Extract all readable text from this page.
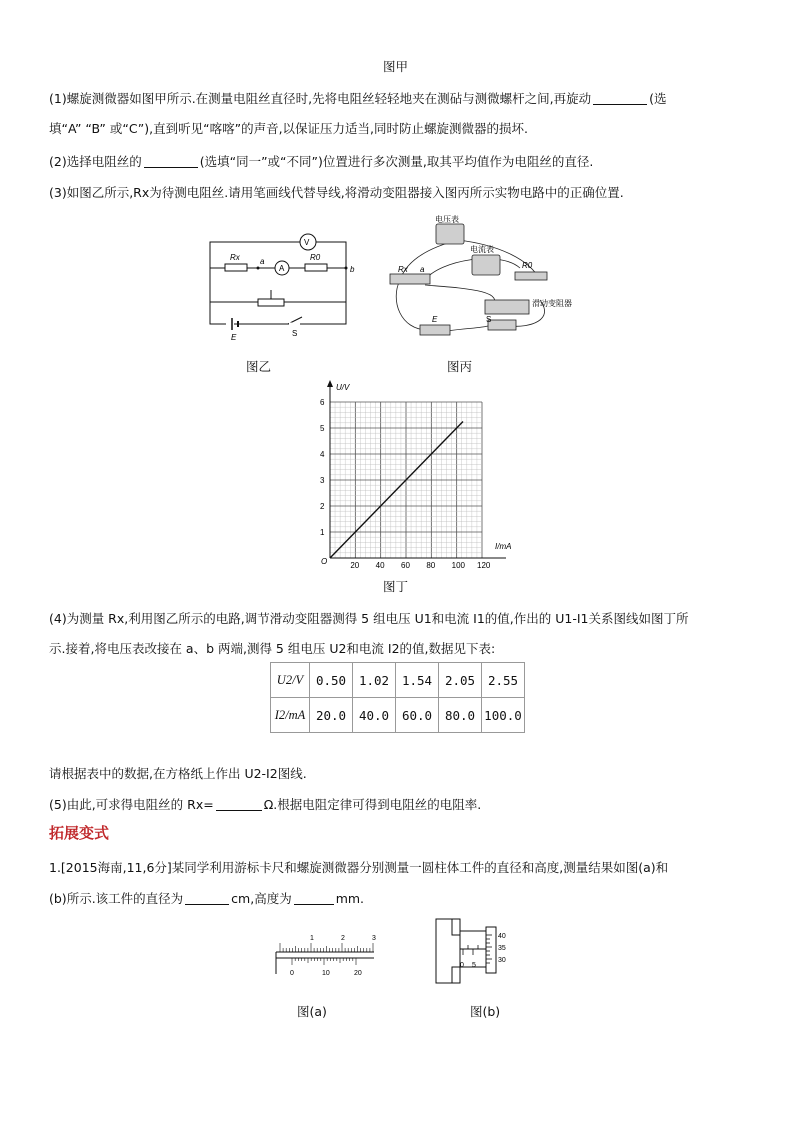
图甲
(1)螺旋测微器如图甲所示.在测量电阻丝直径时,先将电阻丝轻轻地夹在测砧与测微螺杆之间,再旋动	(选
填“A” “B” 或“C”),直到听见“喀喀”的声音,以保证压力适当,同时防止螺旋测微器的损坏.
(2)选择电阻丝的	(选填“同一”或“不同”)位置进行多次测量,取其平均值作为电阻丝的直径.
(3)如图乙所示,Rx为待测电阻丝.请用笔画线代替导线,将滑动变阻器接入图丙所示实物电路中的正确位置.
V
A
Rx	R0
a
b
E	S
图乙
电压表
电流表
滑动变阻器
Rx a	R0
E	S
图丙
U/V
I/mA
O
1
2
3
4
5
6
20 40 60 80 100 120
图丁
(4)为测量 Rx,利用图乙所示的电路,调节滑动变阻器测得 5 组电压 U1和电流 I1的值,作出的 U1-I1关系图线如图丁所
示.接着,将电压表改接在 a、b 两端,测得 5 组电压 U2和电流 I2的值,数据见下表:
U2/V	0.50	1.02	1.54	2.05	2.55
I2/mA	20.0	40.0	60.0	80.0	100.0
请根据表中的数据,在方格纸上作出 U2-I2图线.
(5)由此,可求得电阻丝的 Rx=	Ω.根据电阻定律可得到电阻丝的电阻率.
拓展变式
1.[2015海南,11,6分]某同学利用游标卡尺和螺旋测微器分别测量一圆柱体工件的直径和高度,测量结果如图(a)和
(b)所示.该工件的直径为	cm,高度为	mm.
1	2	3
0	10	20
图(a)
0 5
40
35
30
图(b)
